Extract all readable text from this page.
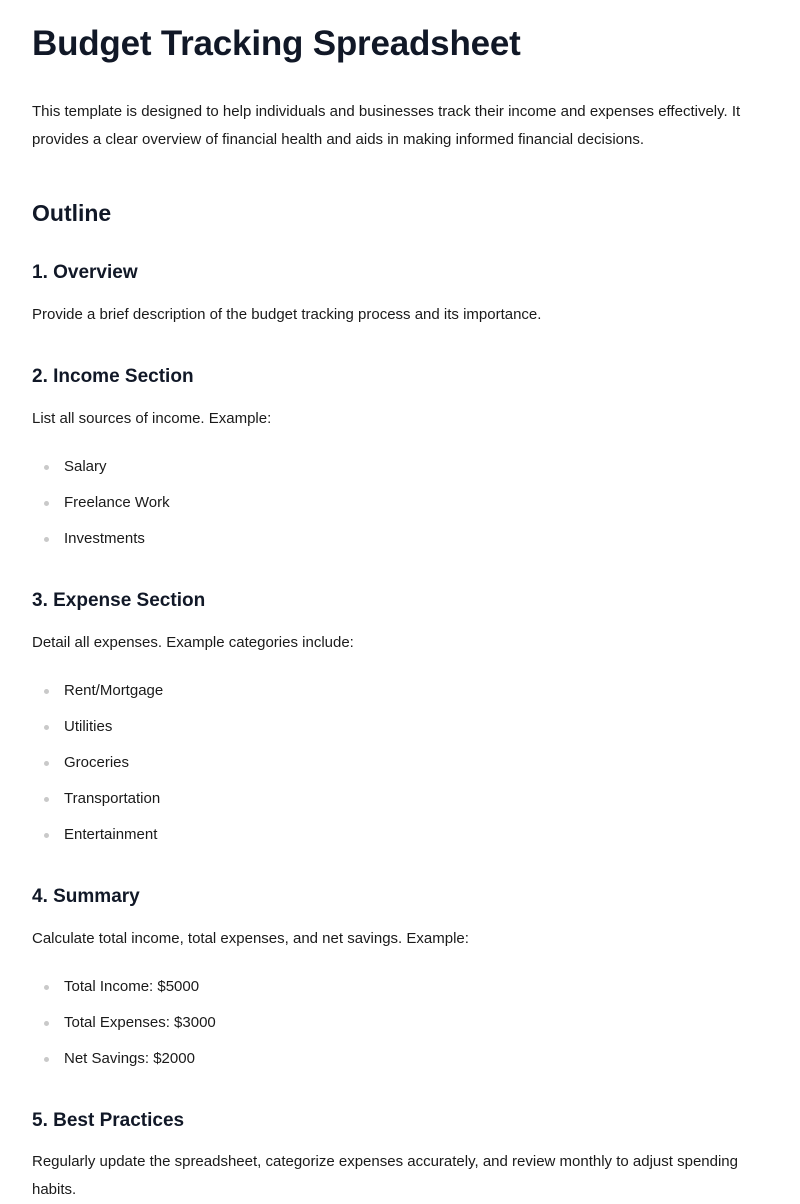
Budget Tracking Spreadsheet

This template is designed to help individuals and businesses track their income and expenses effectively. It provides a clear overview of financial health and aids in making informed financial decisions.

Outline
1. Overview

Provide a brief description of the budget tracking process and its importance.

2. Income Section

List all sources of income. Example:

Salary
Freelance Work
Investments
3. Expense Section

Detail all expenses. Example categories include:

Rent/Mortgage
Utilities
Groceries
Transportation
Entertainment
4. Summary

Calculate total income, total expenses, and net savings. Example:

Total Income: $5000
Total Expenses: $3000
Net Savings: $2000
5. Best Practices

Regularly update the spreadsheet, categorize expenses accurately, and review monthly to adjust spending habits.
